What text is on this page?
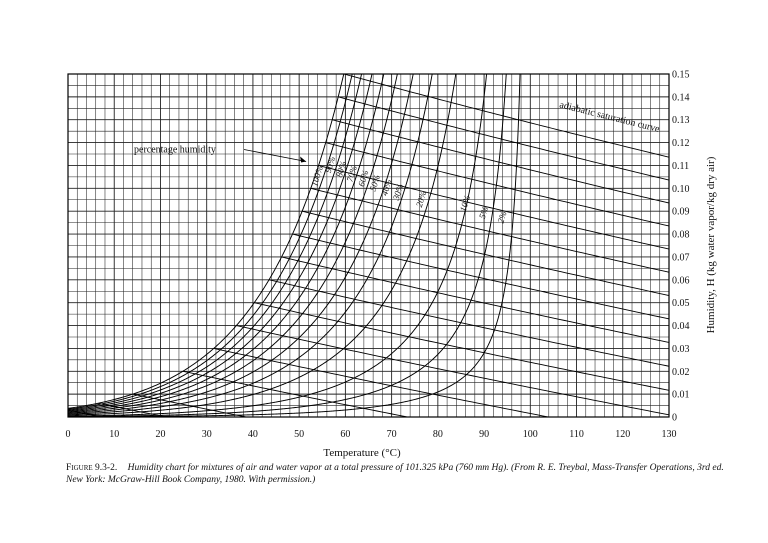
0	10	20	30	40	50	60	70	80	90	100	110	120	130
0
0.01
0.02
0.03
0.04
0.05
0.06
0.07
0.08
0.09
0.10
0.11
0.12
0.13
0.14
0.15
100%
90%
80%
70%
60%
50%
40%
30% 20%	10% 5% 2%
Temperature (°C)
Humidity, H (kg water vapor/kg dry air)
percentage humidity
adiabatic saturation curve
Figure 9.3-2. Humidity chart for mixtures of air and water vapor at a total pressure of 101.325 kPa (760 mm Hg). (From R. E. Treybal, Mass-Transfer Operations, 3rd ed. New York: McGraw-Hill Book Company, 1980. With permission.)
